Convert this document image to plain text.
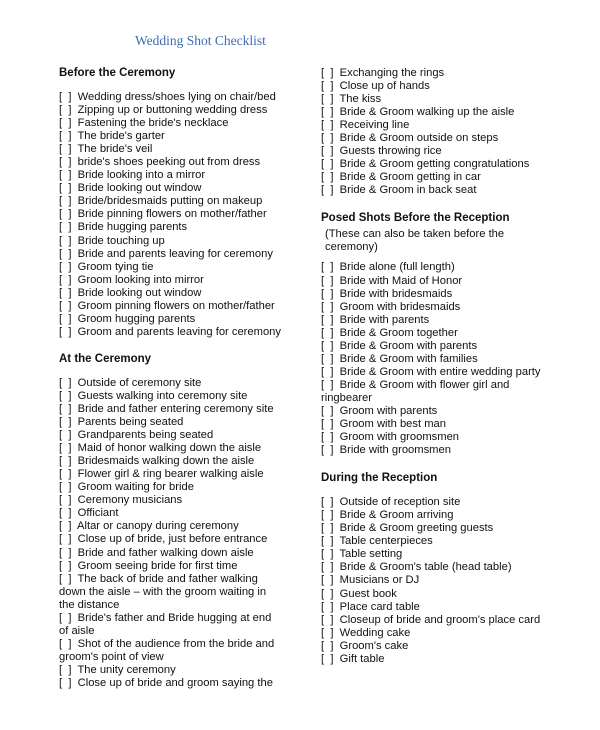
Wedding Shot Checklist
Before the Ceremony
[  ]  Wedding dress/shoes lying on chair/bed
[  ]  Zipping up or buttoning wedding dress
[  ]  Fastening the bride's necklace
[  ]  The bride's garter
[  ]  The bride's veil
[  ]  bride's shoes peeking out from dress
[  ]  Bride looking into a mirror
[  ]  Bride looking out window
[  ]  Bride/bridesmaids putting on makeup
[  ]  Bride pinning flowers on mother/father
[  ]  Bride hugging parents
[  ]  Bride touching up
[  ]  Bride and parents leaving for ceremony
[  ]  Groom tying tie
[  ]  Groom looking into mirror
[  ]  Bride looking out window
[  ]  Groom pinning flowers on mother/father
[  ]  Groom hugging parents
[  ]  Groom and parents leaving for ceremony
At the Ceremony
[  ]  Outside of ceremony site
[  ]  Guests walking into ceremony site
[  ]  Bride and father entering ceremony site
[  ]  Parents being seated
[  ]  Grandparents being seated
[  ]  Maid of honor walking down the aisle
[  ]  Bridesmaids walking down the aisle
[  ]  Flower girl & ring bearer walking aisle
[  ]  Groom waiting for bride
[  ]  Ceremony musicians
[  ]  Officiant
[  ]  Altar or canopy during ceremony
[  ]  Close up of bride, just before entrance
[  ]  Bride and father walking down aisle
[  ]  Groom seeing bride for first time
[  ]  The back of bride and father walking
down the aisle – with the groom waiting in
the distance
[  ]  Bride's father and Bride hugging at end
of aisle
[  ]  Shot of the audience from the bride and
groom's point of view
[  ]  The unity ceremony
[  ]  Close up of bride and groom saying the
[  ]  Exchanging the rings
[  ]  Close up of hands
[  ]  The kiss
[  ]  Bride & Groom walking up the aisle
[  ]  Receiving line
[  ]  Bride & Groom outside on steps
[  ]  Guests throwing rice
[  ]  Bride & Groom getting congratulations
[  ]  Bride & Groom getting in car
[  ]  Bride & Groom in back seat
Posed Shots Before the Reception
(These can also be taken before the
ceremony)
[  ]  Bride alone (full length)
[  ]  Bride with Maid of Honor
[  ]  Bride with bridesmaids
[  ]  Groom with bridesmaids
[  ]  Bride with parents
[  ]  Bride & Groom together
[  ]  Bride & Groom with parents
[  ]  Bride & Groom with families
[  ]  Bride & Groom with entire wedding party
[  ]  Bride & Groom with flower girl and
ringbearer
[  ]  Groom with parents
[  ]  Groom with best man
[  ]  Groom with groomsmen
[  ]  Bride with groomsmen
During the Reception
[  ]  Outside of reception site
[  ]  Bride & Groom arriving
[  ]  Bride & Groom greeting guests
[  ]  Table centerpieces
[  ]  Table setting
[  ]  Bride & Groom's table (head table)
[  ]  Musicians or DJ
[  ]  Guest book
[  ]  Place card table
[  ]  Closeup of bride and groom's place card
[  ]  Wedding cake
[  ]  Groom's cake
[  ]  Gift table
